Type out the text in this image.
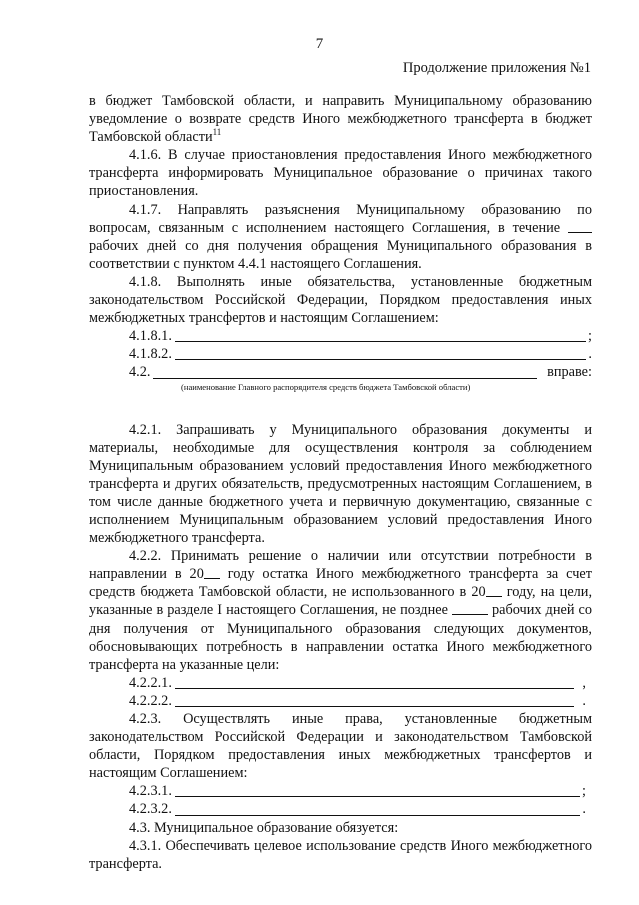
7
Продолжение приложения №1

в бюджет Тамбовской области, и направить Муниципальному образованию уведомление о возврате средств Иного межбюджетного трансферта в бюджет Тамбовской области$^{11}$

4.1.6. В случае приостановления предоставления Иного межбюджетного трансферта информировать Муниципальное образование о причинах такого приостановления.

4.1.7. Направлять разъяснения Муниципальному образованию по вопросам, связанным с исполнением настоящего Соглашения, в течение  рабочих дней со дня получения обращения Муниципального образования в соответствии с пунктом 4.4.1 настоящего Соглашения.

4.1.8. Выполнять иные обязательства, установленные бюджетным законодательством Российской Федерации, Порядком предоставления иных межбюджетных трансфертов и настоящим Соглашением:

4.1.8.1.	;
4.1.8.2.	.
4.2.	вправе:
(наименование Главного распорядителя средств бюджета Тамбовской области)

4.2.1. Запрашивать у Муниципального образования документы и материалы, необходимые для осуществления контроля за соблюдением Муниципальным образованием условий предоставления Иного межбюджетного трансферта и других обязательств, предусмотренных настоящим Соглашением, в том числе данные бюджетного учета и первичную документацию, связанные с исполнением Муниципальным образованием условий предоставления Иного межбюджетного трансферта.

4.2.2. Принимать решение о наличии или отсутствии потребности в направлении в 20 году остатка Иного межбюджетного трансферта за счет средств бюджета Тамбовской области, не использованного в 20 году, на цели, указанные в разделе I настоящего Соглашения, не позднее	рабочих дней со дня получения от Муниципального образования следующих документов, обосновывающих потребность в направлении остатка Иного межбюджетного трансферта на указанные цели:

4.2.2.1.	,
4.2.2.2.	.

4.2.3. Осуществлять иные права, установленные бюджетным законодательством Российской Федерации и законодательством Тамбовской области, Порядком предоставления иных межбюджетных трансфертов и настоящим Соглашением:

4.2.3.1.	;
4.2.3.2.	.

4.3. Муниципальное образование обязуется:

4.3.1. Обеспечивать целевое использование средств Иного межбюджетного трансферта.
